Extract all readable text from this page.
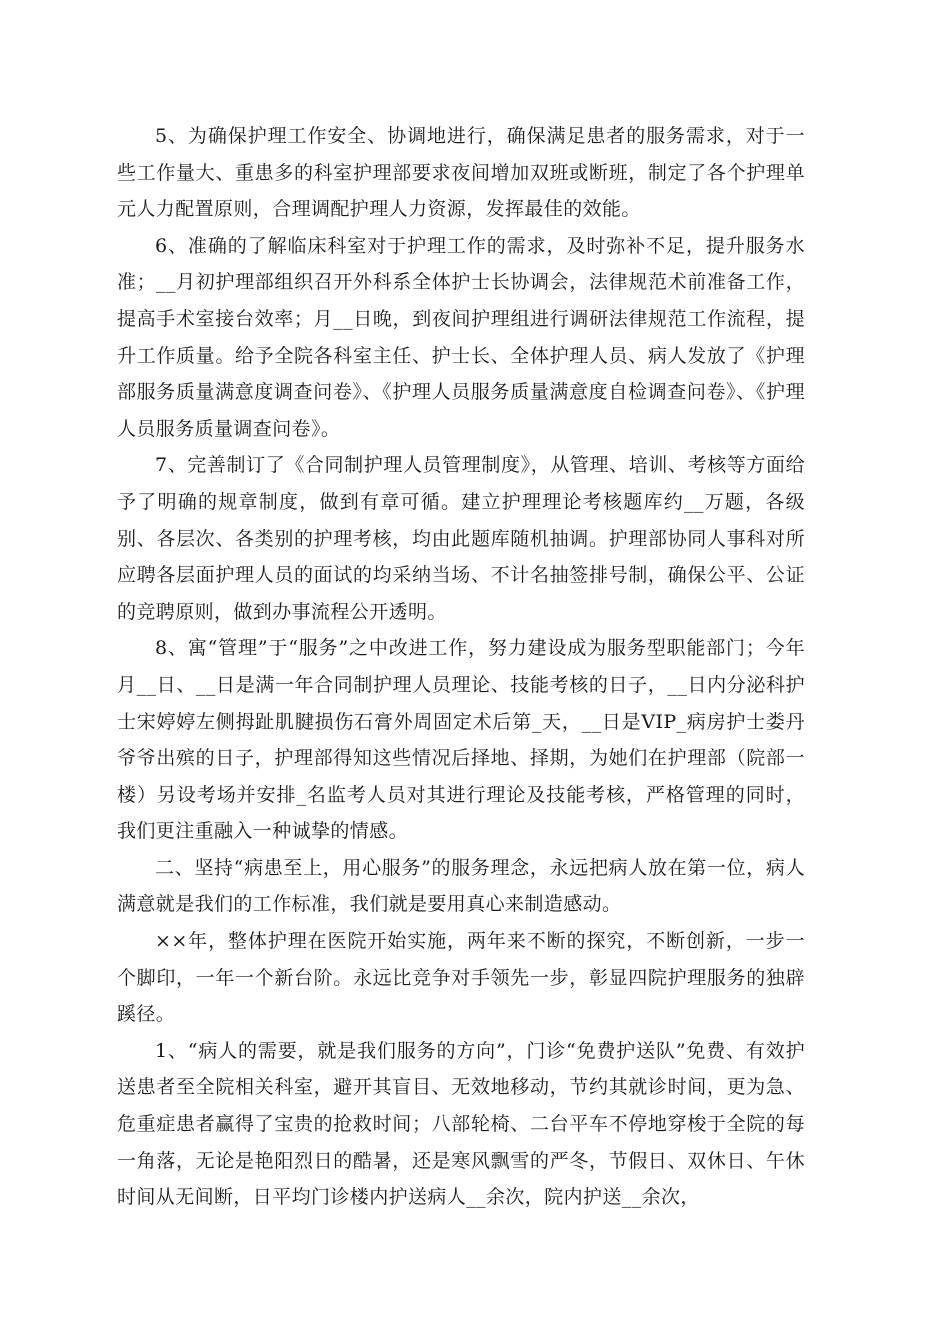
5、为确保护理工作安全、协调地进行，确保满足患者的服务需求，对于一些工作量大、重患多的科室护理部要求夜间增加双班或断班，制定了各个护理单元人力配置原则，合理调配护理人力资源，发挥最佳的效能。

6、准确的了解临床科室对于护理工作的需求，及时弥补不足，提升服务水准；__月初护理部组织召开外科系全体护士长协调会，法律规范术前准备工作，提高手术室接台效率；月__日晚，到夜间护理组进行调研法律规范工作流程，提升工作质量。给予全院各科室主任、护士长、全体护理人员、病人发放了《护理部服务质量满意度调查问卷》、《护理人员服务质量满意度自检调查问卷》、《护理人员服务质量调查问卷》。

7、完善制订了《合同制护理人员管理制度》，从管理、培训、考核等方面给予了明确的规章制度，做到有章可循。建立护理理论考核题库约__万题，各级别、各层次、各类别的护理考核，均由此题库随机抽调。护理部协同人事科对所应聘各层面护理人员的面试的均采纳当场、不计名抽签排号制，确保公平、公证的竞聘原则，做到办事流程公开透明。

8、寓“管理”于“服务”之中改进工作，努力建设成为服务型职能部门；今年月__日、__日是满一年合同制护理人员理论、技能考核的日子，__日内分泌科护士宋婷婷左侧拇趾肌腱损伤石膏外周固定术后第_天，__日是VIP_病房护士娄丹爷爷出殡的日子，护理部得知这些情况后择地、择期，为她们在护理部（院部一楼）另设考场并安排_名监考人员对其进行理论及技能考核，严格管理的同时，我们更注重融入一种诚挚的情感。

二、坚持“病患至上，用心服务”的服务理念，永远把病人放在第一位，病人满意就是我们的工作标准，我们就是要用真心来制造感动。

××年，整体护理在医院开始实施，两年来不断的探究，不断创新，一步一个脚印，一年一个新台阶。永远比竞争对手领先一步，彰显四院护理服务的独辟蹊径。

1、“病人的需要，就是我们服务的方向”，门诊“免费护送队”免费、有效护送患者至全院相关科室，避开其盲目、无效地移动，节约其就诊时间，更为急、危重症患者赢得了宝贵的抢救时间；八部轮椅、二台平车不停地穿梭于全院的每一角落，无论是艳阳烈日的酷暑，还是寒风飘雪的严冬，节假日、双休日、午休时间从无间断，日平均门诊楼内护送病人__余次，院内护送__余次，
